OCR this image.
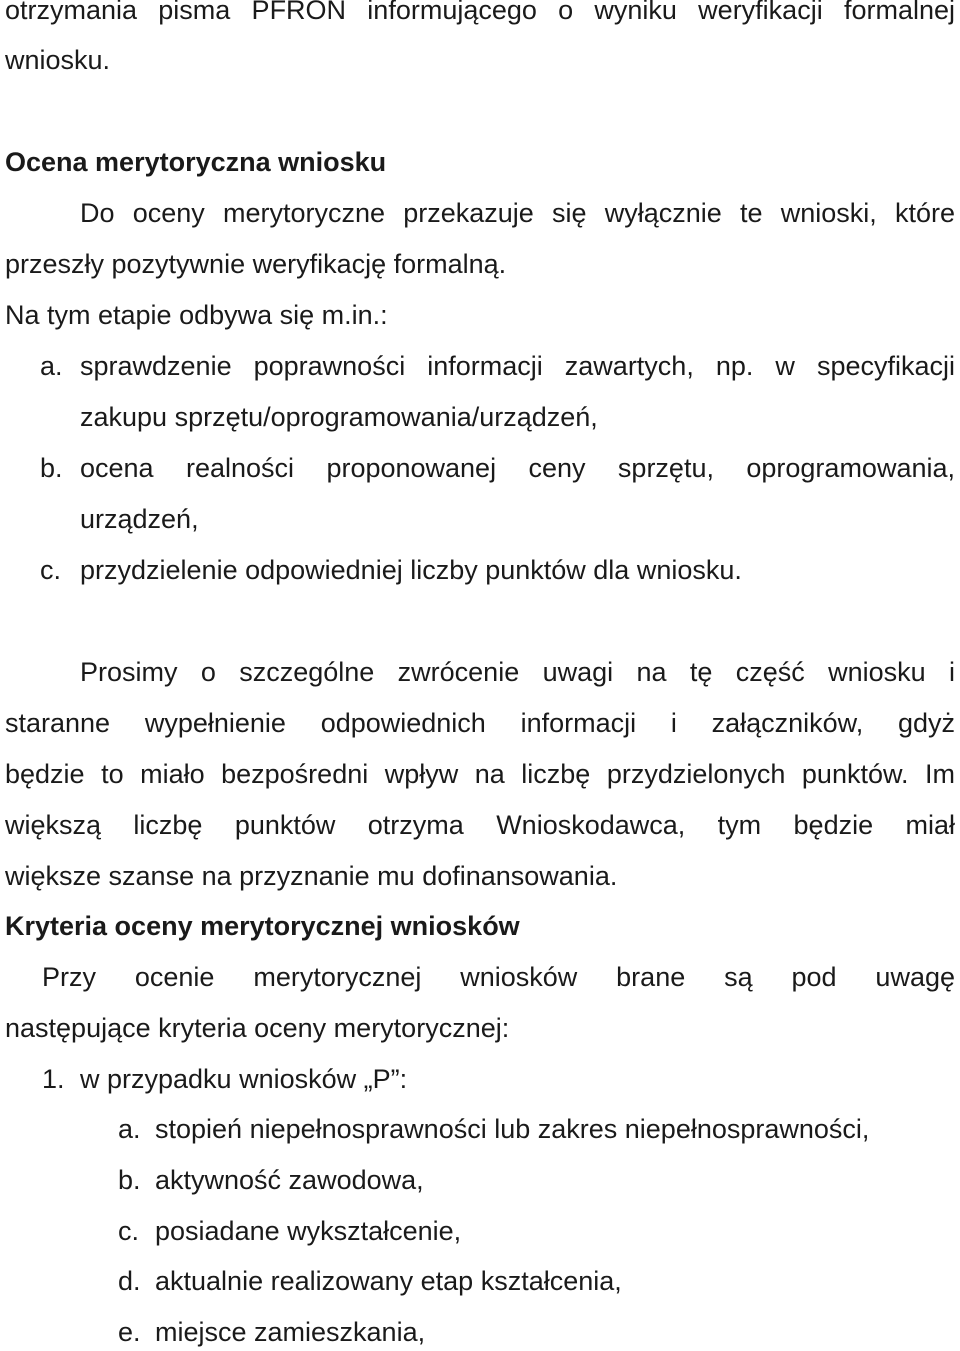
otrzymania pisma PFRON informującego o wyniku weryfikacji formalnej
wniosku.
Ocena merytoryczna wniosku
Do oceny merytoryczne przekazuje się wyłącznie te wnioski, które
przeszły pozytywnie weryfikację formalną.
Na tym etapie odbywa się m.in.:
a. sprawdzenie poprawności informacji zawartych, np. w specyfikacji
zakupu sprzętu/oprogramowania/urządzeń,
b. ocena realności proponowanej ceny sprzętu, oprogramowania,
urządzeń,
c. przydzielenie odpowiedniej liczby punktów dla wniosku.
Prosimy o szczególne zwrócenie uwagi na tę część wniosku i
staranne wypełnienie odpowiednich informacji i załączników, gdyż
będzie to miało bezpośredni wpływ na liczbę przydzielonych punktów. Im
większą liczbę punktów otrzyma Wnioskodawca, tym będzie miał
większe szanse na przyznanie mu dofinansowania.
Kryteria oceny merytorycznej wniosków
Przy ocenie merytorycznej wniosków brane są pod uwagę
następujące kryteria oceny merytorycznej:
1. w przypadku wniosków „P”:
a. stopień niepełnosprawności lub zakres niepełnosprawności,
b. aktywność zawodowa,
c. posiadane wykształcenie,
d. aktualnie realizowany etap kształcenia,
e. miejsce zamieszkania,
